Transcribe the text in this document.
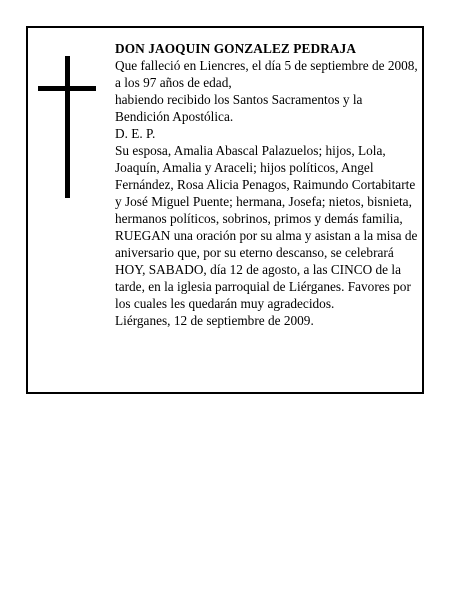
DON JAOQUIN GONZALEZ PEDRAJA

Que falleció en Liencres, el día 5 de septiembre de 2008, a los 97 años de edad,

habiendo recibido los Santos Sacramentos y la Bendición Apostólica.

D. E. P.

Su esposa, Amalia Abascal Palazuelos; hijos, Lola, Joaquín, Amalia y Araceli; hijos políticos, Angel Fernández, Rosa Alicia Penagos, Raimundo Cortabitarte y José Miguel Puente; hermana, Josefa; nietos, bisnieta, hermanos políticos, sobrinos, primos y demás familia,

RUEGAN una oración por su alma y asistan a la misa de aniversario que, por su eterno descanso, se celebrará HOY, SABADO, día 12 de agosto, a las CINCO de la tarde, en la iglesia parroquial de Liérganes. Favores por los cuales les quedarán muy agradecidos.

Liérganes, 12 de septiembre de 2009.
